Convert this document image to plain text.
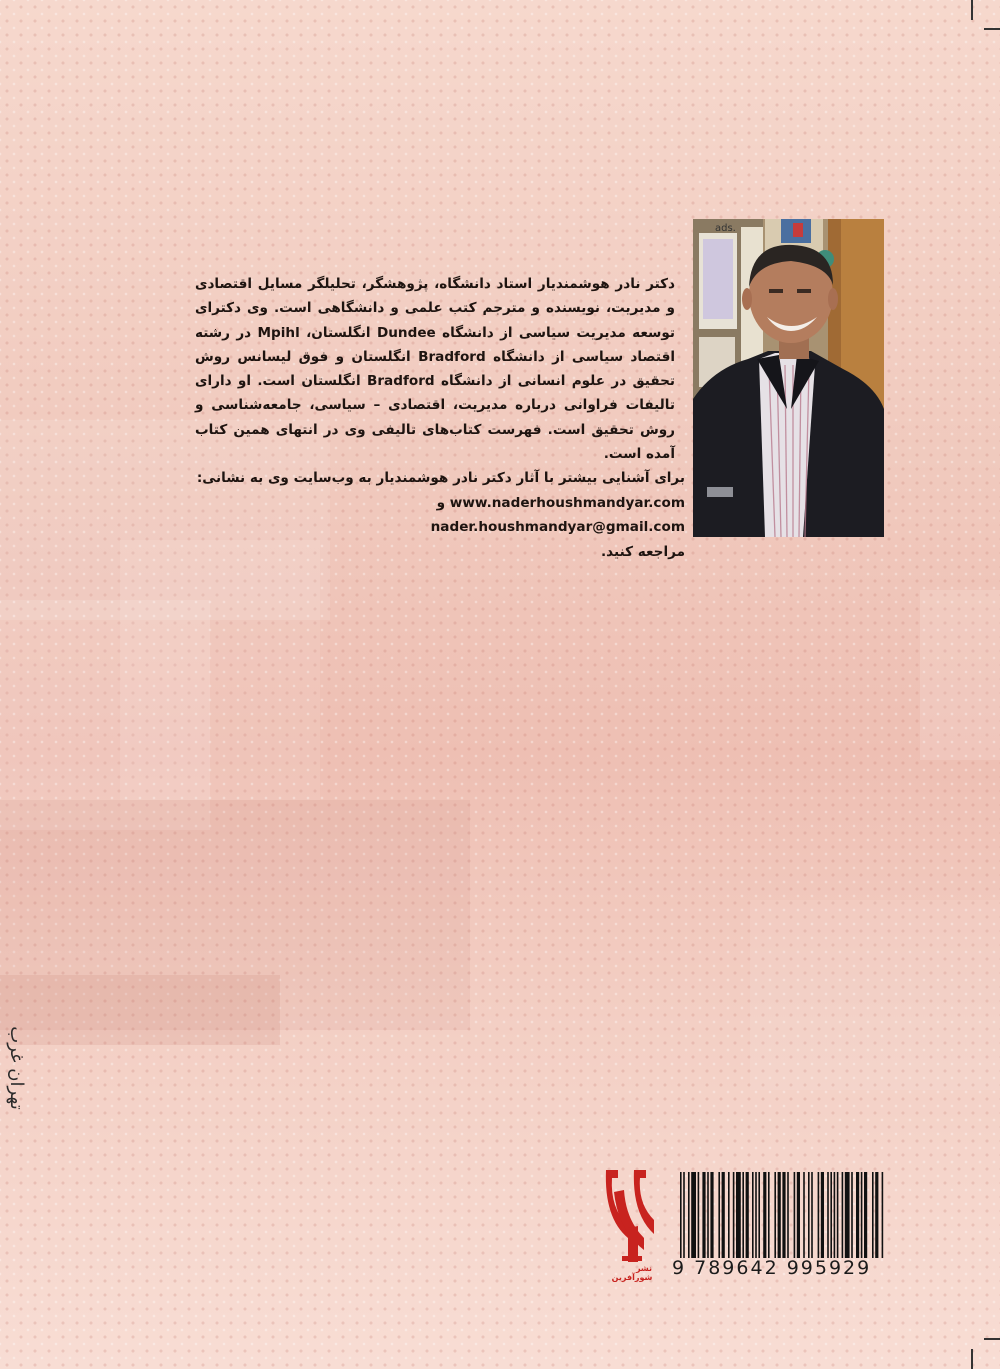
ads.
دکتر نادر هوشمندیار استاد دانشگاه، پژوهشگر، تحلیلگر مسایل اقتصادی و مدیریت، نویسنده و مترجم کتب علمی و دانشگاهی است. وی دکترای توسعه مدیریت سیاسی از دانشگاه Dundee انگلستان، Mpihl در رشته اقتصاد سیاسی از دانشگاه Bradford انگلستان و فوق لیسانس روش تحقیق در علوم انسانی از دانشگاه Bradford انگلستان است. او دارای تالیفات فراوانی درباره مدیریت، اقتصادی – سیاسی، جامعه‌شناسی و روش تحقیق است. فهرست کتاب‌های تالیفی وی در انتهای همین کتاب آمده است.
برای آشنایی بیشتر با آثار دکتر نادر هوشمندیار به وب‌سایت وی به نشانی:
www.naderhoushmandyar.com و nader.houshmandyar@gmail.com
مراجعه کنید.
تهران غرب
نشر
شورآفرین 9 789642 995929
